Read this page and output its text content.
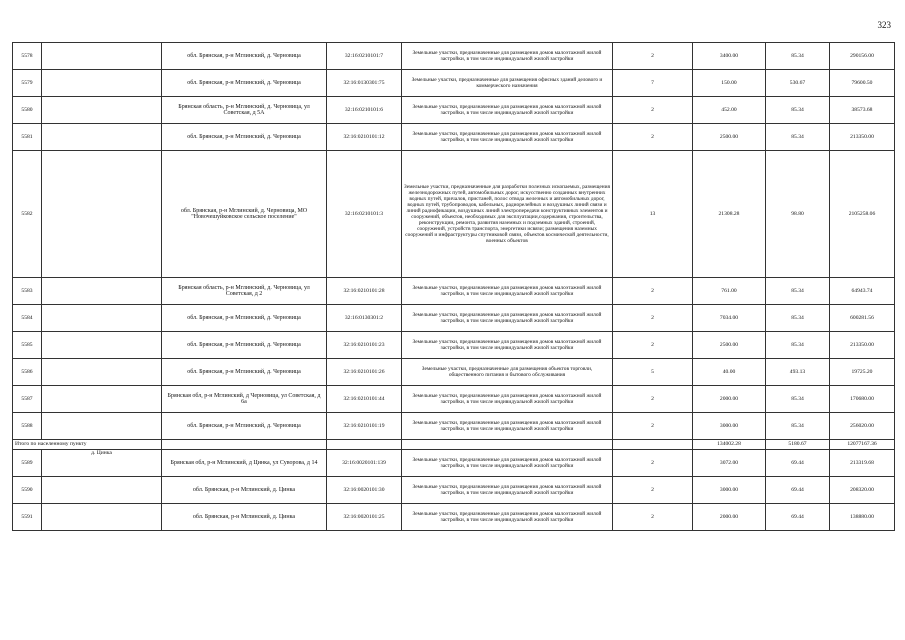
323
5578		обл. Брянская, р-н Мглинский, д. Черновица	32:16:0210101:7	Земельные участки, предназначенные для размещения домов малоэтажной жилой застройки, в том числе индивидуальной жилой застройки	2	3400.00	85.34	290156.00
5579		обл. Брянская, р-н Мглинский, д. Черновица	32:16:0130301:75	Земельные участки, предназначенные для размещения офисных зданий делового и коммерческого назначения	7	150.00	530.67	79600.50
5580		Брянская область, р-н Мглинский, д. Черновица, ул Советская, д 5А	32:16:0210101:6	Земельные участки, предназначенные для размещения домов малоэтажной жилой застройки, в том числе индивидуальной жилой застройки	2	452.00	85.34	38573.68
5581		обл. Брянская, р-н Мглинский, д. Черновица	32:16:0210101:12	Земельные участки, предназначенные для размещения домов малоэтажной жилой застройки, в том числе индивидуальной жилой застройки	2	2500.00	85.34	213350.00
5582		обл. Брянская, р-н Мглинский, д. Черновица, МО "Новочешуйковское сельское поселение"	32:16:0210101:3	Земельные участки, предназначенные для разработки полезных ископаемых, размещения железнодорожных путей, автомобильных дорог, искусственно созданных внутренних водных путей, причалов, пристаней, полос отвода железных и автомобильных дорог, водных путей, трубопроводов, кабельных, радиорелейных и воздушных линий связи и линий радиофикации, воздушных линий электропередачи конструктивных элементов и сооружений, объектов, необходимых для эксплуатации,содержания, строительства, реконструкции, ремонта, развития наземных и подземных зданий, строений, сооружений, устройств транспорта, энергетики исвязи; размещения наземных сооружений и инфраструктуры спутниковой связи, объектов космической деятельности, военных объектов	13	21308.28	98.80	2105258.06
5583		Брянская область, р-н Мглинский, д. Черновица, ул Советская, д 2	32:16:0210101:28	Земельные участки, предназначенные для размещения домов малоэтажной жилой застройки, в том числе индивидуальной жилой застройки	2	761.00	85.34	64943.74
5584		обл. Брянская, р-н Мглинский, д. Черновица	32:16:0130301:2	Земельные участки, предназначенные для размещения домов малоэтажной жилой застройки, в том числе индивидуальной жилой застройки	2	7034.00	85.34	600281.56
5585		обл. Брянская, р-н Мглинский, д. Черновица	32:16:0210101:23	Земельные участки, предназначенные для размещения домов малоэтажной жилой застройки, в том числе индивидуальной жилой застройки	2	2500.00	85.34	213350.00
5586		обл. Брянская, р-н Мглинский, д. Черновица	32:16:0210101:26	Земельные участки, предназначенные для размещения объектов торговли, общественного питания и бытового обслуживания	5	40.00	493.13	19725.20
5587		Брянская обл, р-н Мглинский, д Черновица, ул Советская, д 6а	32:16:0210101:44	Земельные участки, предназначенные для размещения домов малоэтажной жилой застройки, в том числе индивидуальной жилой застройки	2	2000.00	85.34	170680.00
5588		обл. Брянская, р-н Мглинский, д. Черновица	32:16:0210101:19	Земельные участки, предназначенные для размещения домов малоэтажной жилой застройки, в том числе индивидуальной жилой застройки	2	3000.00	85.34	256020.00
Итого по населенному пункту						134002.28	5180.67	12077167.36
5589	д. Цинка	Брянская обл, р-н Мглинский, д Цинка, ул Суворова, д 14	32:16:0020101:139	Земельные участки, предназначенные для размещения домов малоэтажной жилой застройки, в том числе индивидуальной жилой застройки	2	3072.00	69.44	213319.68
5590		обл. Брянская, р-н Мглинский, д. Цинка	32:16:0020101:30	Земельные участки, предназначенные для размещения домов малоэтажной жилой застройки, в том числе индивидуальной жилой застройки	2	3000.00	69.44	208320.00
5591		обл. Брянская, р-н Мглинский, д. Цинка	32:16:0020101:25	Земельные участки, предназначенные для размещения домов малоэтажной жилой застройки, в том числе индивидуальной жилой застройки	2	2000.00	69.44	138880.00
